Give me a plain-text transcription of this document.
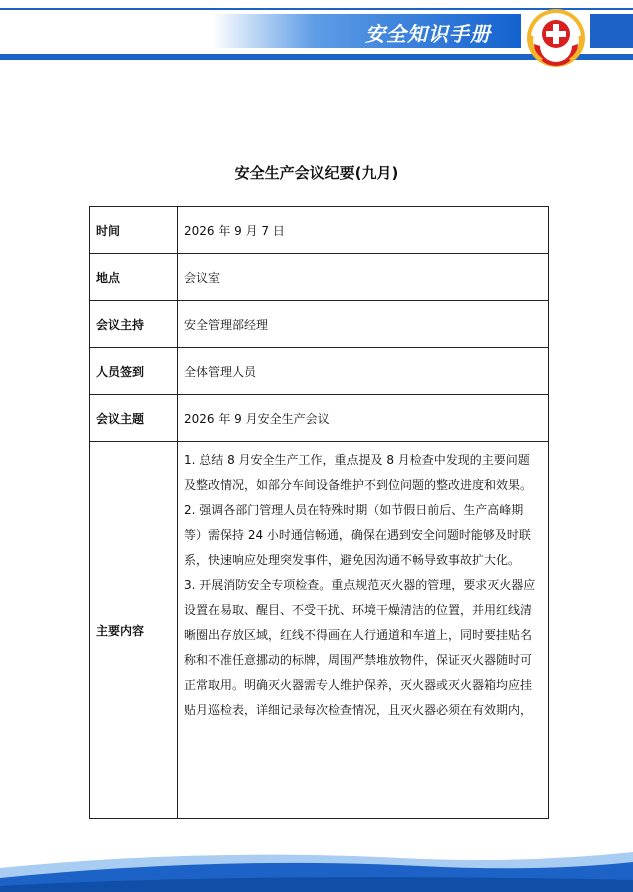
安全知识手册
安全生产会议纪要(九月)
时间	2026 年 9 月 7 日
地点	会议室
会议主持	安全管理部经理
人员签到	全体管理人员
会议主题	2026 年 9 月安全生产会议
主要内容	1. 总结 8 月安全生产工作，重点提及 8 月检查中发现的主要问题及整改情况，如部分车间设备维护不到位问题的整改进度和效果。

2. 强调各部门管理人员在特殊时期（如节假日前后、生产高峰期等）需保持 24 小时通信畅通，确保在遇到安全问题时能够及时联系，快速响应处理突发事件，避免因沟通不畅导致事故扩大化。

3. 开展消防安全专项检查。重点规范灭火器的管理，要求灭火器应设置在易取、醒目、不受干扰、环境干燥清洁的位置，并用红线清晰圈出存放区域，红线不得画在人行通道和车道上，同时要挂贴名称和不准任意挪动的标牌，周围严禁堆放物件，保证灭火器随时可正常取用。明确灭火器需专人维护保养，灭火器或灭火器箱均应挂贴月巡检表，详细记录每次检查情况，且灭火器必须在有效期内，
